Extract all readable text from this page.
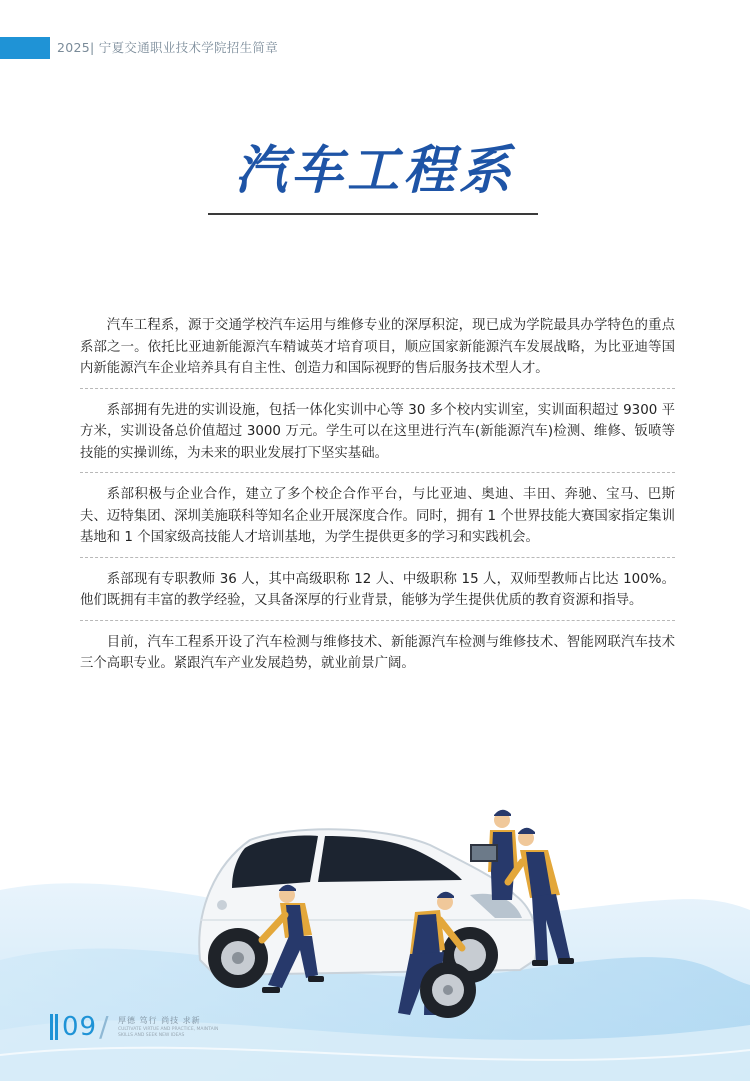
2025| 宁夏交通职业技术学院招生简章
汽车工程系

汽车工程系，源于交通学校汽车运用与维修专业的深厚积淀，现已成为学院最具办学特色的重点系部之一。依托比亚迪新能源汽车精诚英才培育项目，顺应国家新能源汽车发展战略，为比亚迪等国内新能源汽车企业培养具有自主性、创造力和国际视野的售后服务技术型人才。

系部拥有先进的实训设施，包括一体化实训中心等 30 多个校内实训室，实训面积超过 9300 平方米，实训设备总价值超过 3000 万元。学生可以在这里进行汽车(新能源汽车)检测、维修、钣喷等技能的实操训练，为未来的职业发展打下坚实基础。

系部积极与企业合作，建立了多个校企合作平台，与比亚迪、奥迪、丰田、奔驰、宝马、巴斯夫、迈特集团、深圳美施联科等知名企业开展深度合作。同时，拥有 1 个世界技能大赛国家指定集训基地和 1 个国家级高技能人才培训基地，为学生提供更多的学习和实践机会。

系部现有专职教师 36 人，其中高级职称 12 人、中级职称 15 人，双师型教师占比达 100%。他们既拥有丰富的教学经验，又具备深厚的行业背景，能够为学生提供优质的教育资源和指导。

目前，汽车工程系开设了汽车检测与维修技术、新能源汽车检测与维修技术、智能网联汽车技术三个高职专业。紧跟汽车产业发展趋势，就业前景广阔。

09 / 厚德 笃行 尚技 求新
CULTIVATE VIRTUE AND PRACTICE, MAINTAIN SKILLS AND SEEK NEW IDEAS
